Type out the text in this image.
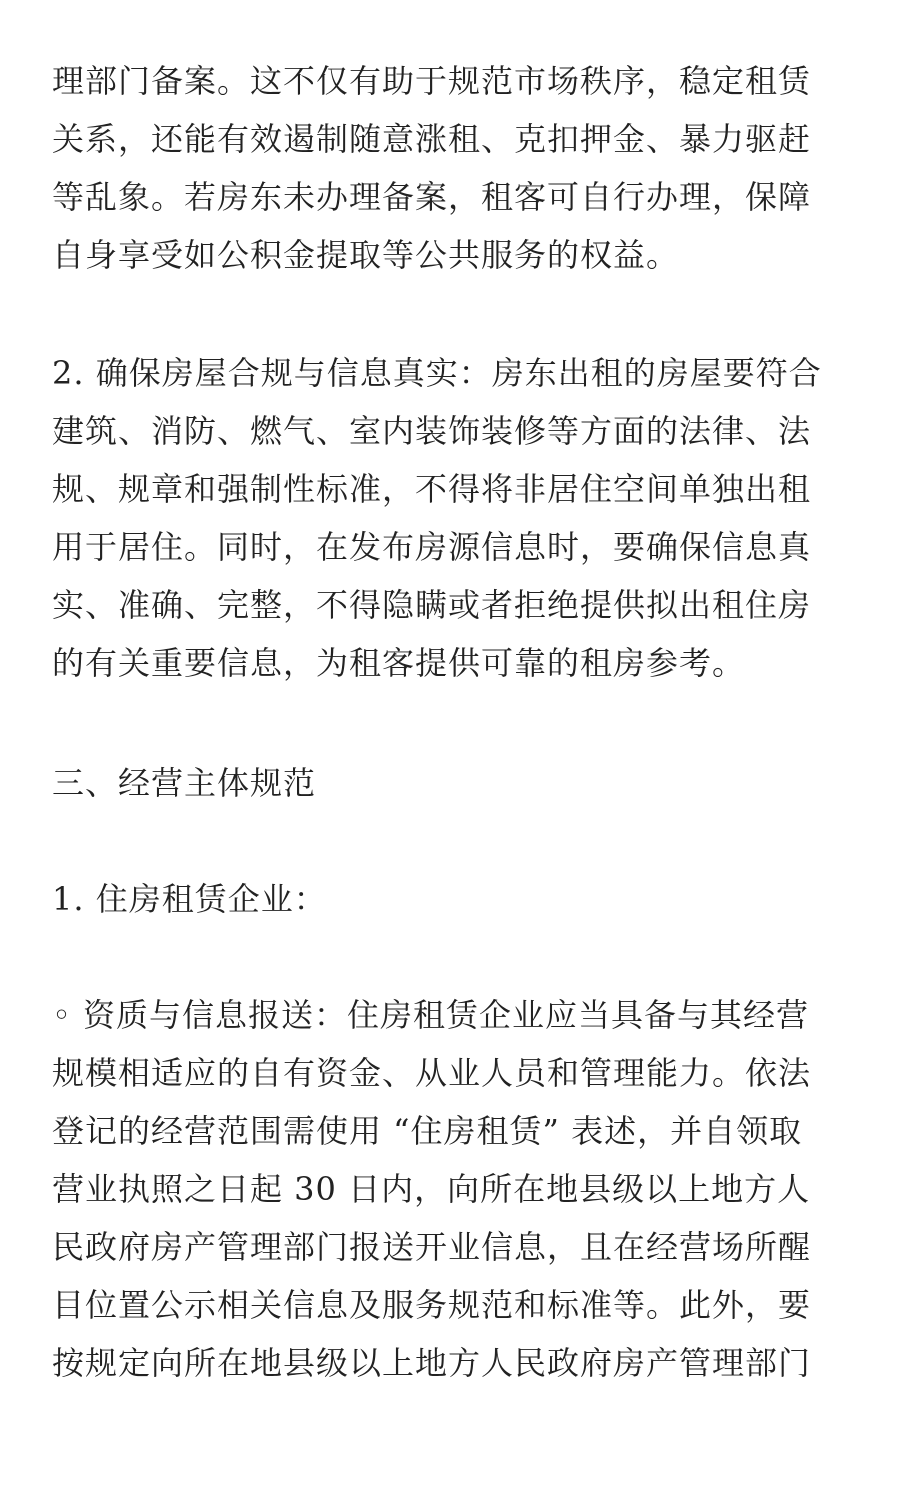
理部门备案。这不仅有助于规范市场秩序，稳定租赁
关系，还能有效遏制随意涨租、克扣押金、暴力驱赶
等乱象。若房东未办理备案，租客可自行办理，保障
自身享受如公积金提取等公共服务的权益。
2. 确保房屋合规与信息真实：房东出租的房屋要符合
建筑、消防、燃气、室内装饰装修等方面的法律、法
规、规章和强制性标准，不得将非居住空间单独出租
用于居住。同时，在发布房源信息时，要确保信息真
实、准确、完整，不得隐瞒或者拒绝提供拟出租住房
的有关重要信息，为租客提供可靠的租房参考。
三、经营主体规范
1. 住房租赁企业：
◦ 资质与信息报送：住房租赁企业应当具备与其经营
规模相适应的自有资金、从业人员和管理能力。依法
登记的经营范围需使用 “住房租赁” 表述，并自领取
营业执照之日起 30 日内，向所在地县级以上地方人
民政府房产管理部门报送开业信息，且在经营场所醒
目位置公示相关信息及服务规范和标准等。此外，要
按规定向所在地县级以上地方人民政府房产管理部门
